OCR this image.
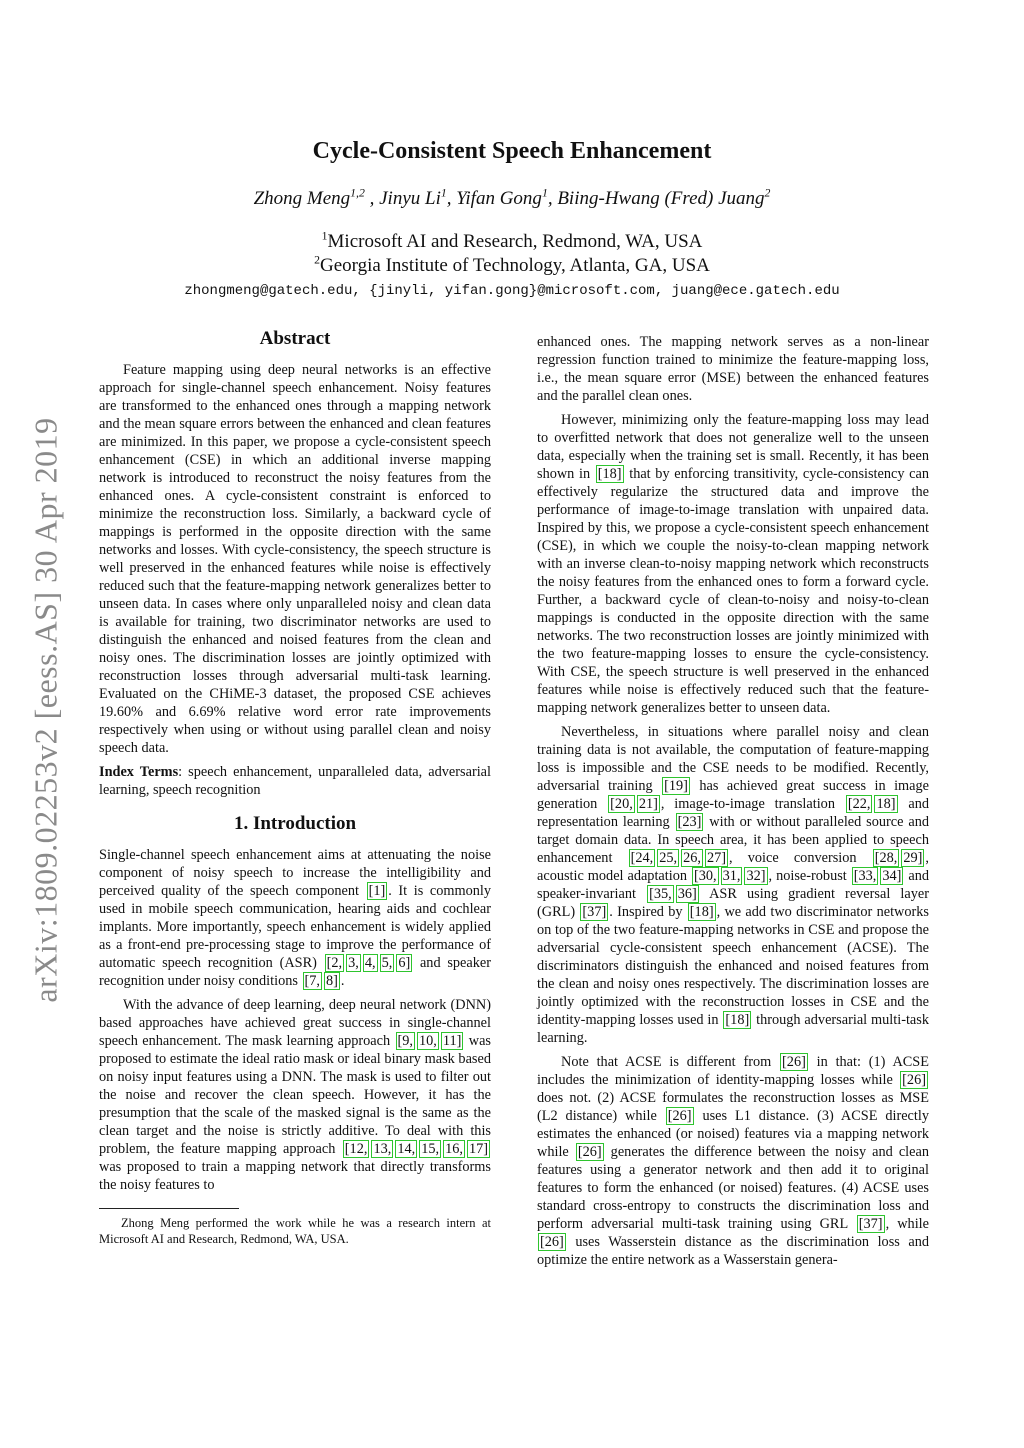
arXiv:1809.02253v2 [eess.AS] 30 Apr 2019
Cycle-Consistent Speech Enhancement
Zhong Meng$^{1,2}$ , Jinyu Li$^1$, Yifan Gong$^1$, Biing-Hwang (Fred) Juang$^2$
$^1$Microsoft AI and Research, Redmond, WA, USA
$^2$Georgia Institute of Technology, Atlanta, GA, USA
zhongmeng@gatech.edu, {jinyli, yifan.gong}@microsoft.com, juang@ece.gatech.edu
Abstract

Feature mapping using deep neural networks is an effective approach for single-channel speech enhancement. Noisy features are transformed to the enhanced ones through a mapping network and the mean square errors between the enhanced and clean features are minimized. In this paper, we propose a cycle-consistent speech enhancement (CSE) in which an additional inverse mapping network is introduced to reconstruct the noisy features from the enhanced ones. A cycle-consistent constraint is enforced to minimize the reconstruction loss. Similarly, a backward cycle of mappings is performed in the opposite direction with the same networks and losses. With cycle-consistency, the speech structure is well preserved in the enhanced features while noise is effectively reduced such that the feature-mapping network generalizes better to unseen data. In cases where only unparalleled noisy and clean data is available for training, two discriminator networks are used to distinguish the enhanced and noised features from the clean and noisy ones. The discrimination losses are jointly optimized with reconstruction losses through adversarial multi-task learning. Evaluated on the CHiME-3 dataset, the proposed CSE achieves 19.60% and 6.69% relative word error rate improvements respectively when using or without using parallel clean and noisy speech data.

Index Terms: speech enhancement, unparalleled data, adversarial learning, speech recognition

1. Introduction

Single-channel speech enhancement aims at attenuating the noise component of noisy speech to increase the intelligibility and perceived quality of the speech component [1] . It is commonly used in mobile speech communication, hearing aids and cochlear implants. More importantly, speech enhancement is widely applied as a front-end pre-processing stage to improve the performance of automatic speech recognition (ASR) [2, 3, 4, 5, 6] and speaker recognition under noisy conditions [7, 8] .

With the advance of deep learning, deep neural network (DNN) based approaches have achieved great success in single-channel speech enhancement. The mask learning approach [9, 10, 11] was proposed to estimate the ideal ratio mask or ideal binary mask based on noisy input features using a DNN. The mask is used to filter out the noise and recover the clean speech. However, it has the presumption that the scale of the masked signal is the same as the clean target and the noise is strictly additive. To deal with this problem, the feature mapping approach [12, 13, 14, 15, 16, 17] was proposed to train a mapping network that directly transforms the noisy features to

Zhong Meng performed the work while he was a research intern at Microsoft AI and Research, Redmond, WA, USA.

enhanced ones. The mapping network serves as a non-linear regression function trained to minimize the feature-mapping loss, i.e., the mean square error (MSE) between the enhanced features and the parallel clean ones.

However, minimizing only the feature-mapping loss may lead to overfitted network that does not generalize well to the unseen data, especially when the training set is small. Recently, it has been shown in [18] that by enforcing transitivity, cycle-consistency can effectively regularize the structured data and improve the performance of image-to-image translation with unpaired data. Inspired by this, we propose a cycle-consistent speech enhancement (CSE), in which we couple the noisy-to-clean mapping network with an inverse clean-to-noisy mapping network which reconstructs the noisy features from the enhanced ones to form a forward cycle. Further, a backward cycle of clean-to-noisy and noisy-to-clean mappings is conducted in the opposite direction with the same networks. The two reconstruction losses are jointly minimized with the two feature-mapping losses to ensure the cycle-consistency. With CSE, the speech structure is well preserved in the enhanced features while noise is effectively reduced such that the feature-mapping network generalizes better to unseen data.

Nevertheless, in situations where parallel noisy and clean training data is not available, the computation of feature-mapping loss is impossible and the CSE needs to be modified. Recently, adversarial training [19] has achieved great success in image generation [20, 21] , image-to-image translation [22, 18] and representation learning [23] with or without paralleled source and target domain data. In speech area, it has been applied to speech enhancement [24, 25, 26, 27] , voice conversion [28, 29] , acoustic model adaptation [30, 31, 32] , noise-robust [33, 34] and speaker-invariant [35, 36] ASR using gradient reversal layer (GRL) [37] . Inspired by [18] , we add two discriminator networks on top of the two feature-mapping networks in CSE and propose the adversarial cycle-consistent speech enhancement (ACSE). The discriminators distinguish the enhanced and noised features from the clean and noisy ones respectively. The discrimination losses are jointly optimized with the reconstruction losses in CSE and the identity-mapping losses used in [18] through adversarial multi-task learning.

Note that ACSE is different from [26] in that: (1) ACSE includes the minimization of identity-mapping losses while [26] does not. (2) ACSE formulates the reconstruction losses as MSE (L2 distance) while [26] uses L1 distance. (3) ACSE directly estimates the enhanced (or noised) features via a mapping network while [26] generates the difference between the noisy and clean features using a generator network and then add it to original features to form the enhanced (or noised) features. (4) ACSE uses standard cross-entropy to constructs the discrimination loss and perform adversarial multi-task training using GRL [37] , while [26] uses Wasserstein distance as the discrimination loss and optimize the entire network as a Wasserstain genera-
